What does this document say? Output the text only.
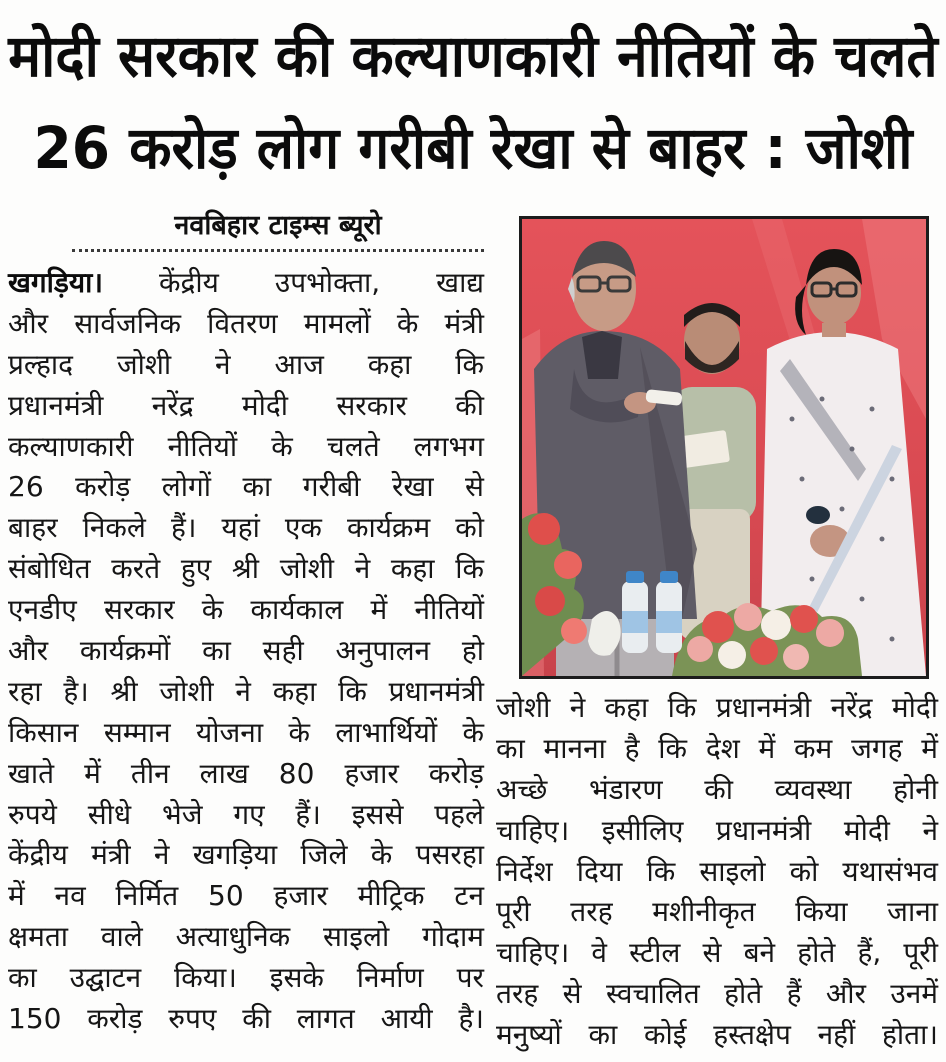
मोदी सरकार की कल्याणकारी नीतियों के चलते
26 करोड़ लोग गरीबी रेखा से बाहर : जोशी
नवबिहार टाइम्स ब्यूरो
खगड़िया। केंद्रीय उपभोक्ता, खाद्य
और सार्वजनिक वितरण मामलों के मंत्री
प्रल्हाद जोशी ने आज कहा कि
प्रधानमंत्री नरेंद्र मोदी सरकार की
कल्याणकारी नीतियों के चलते लगभग
26 करोड़ लोगों का गरीबी रेखा से
बाहर निकले हैं। यहां एक कार्यक्रम को
संबोधित करते हुए श्री जोशी ने कहा कि
एनडीए सरकार के कार्यकाल में नीतियों
और कार्यक्रमों का सही अनुपालन हो
रहा है। श्री जोशी ने कहा कि प्रधानमंत्री
किसान सम्मान योजना के लाभार्थियों के
खाते में तीन लाख 80 हजार करोड़
रुपये सीधे भेजे गए हैं। इससे पहले
केंद्रीय मंत्री ने खगड़िया जिले के पसरहा
में नव निर्मित 50 हजार मीट्रिक टन
क्षमता वाले अत्याधुनिक साइलो गोदाम
का उद्घाटन किया। इसके निर्माण पर
150 करोड़ रुपए की लागत आयी है।
जोशी ने कहा कि प्रधानमंत्री नरेंद्र मोदी
का मानना है कि देश में कम जगह में
अच्छे भंडारण की व्यवस्था होनी
चाहिए। इसीलिए प्रधानमंत्री मोदी ने
निर्देश दिया कि साइलो को यथासंभव
पूरी तरह मशीनीकृत किया जाना
चाहिए। वे स्टील से बने होते हैं, पूरी
तरह से स्वचालित होते हैं और उनमें
मनुष्यों का कोई हस्तक्षेप नहीं होता।
